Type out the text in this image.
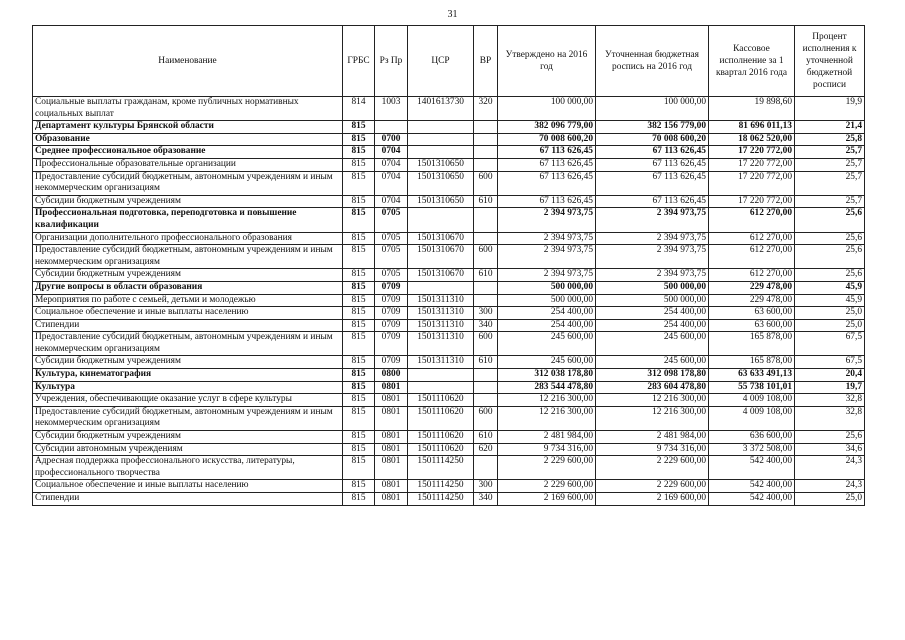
31
Наименование	ГРБС	Рз Пр	ЦСР	ВР	Утверждено на 2016 год	Уточненная бюджетная роспись на 2016 год	Кассовое исполнение за 1 квартал 2016 года	Процент исполнения к уточненной бюджетной росписи
Социальные выплаты гражданам, кроме публичных нормативных социальных выплат	814	1003	1401613730	320	100 000,00	100 000,00	19 898,60	19,9
Департамент культуры Брянской области	815				382 096 779,00	382 156 779,00	81 696 011,13	21,4
Образование	815	0700			70 008 600,20	70 008 600,20	18 062 520,00	25,8
Среднее профессиональное образование	815	0704			67 113 626,45	67 113 626,45	17 220 772,00	25,7
Профессиональные образовательные организации	815	0704	1501310650		67 113 626,45	67 113 626,45	17 220 772,00	25,7
Предоставление субсидий бюджетным, автономным учреждениям и иным некоммерческим организациям	815	0704	1501310650	600	67 113 626,45	67 113 626,45	17 220 772,00	25,7
Субсидии бюджетным учреждениям	815	0704	1501310650	610	67 113 626,45	67 113 626,45	17 220 772,00	25,7
Профессиональная подготовка, переподготовка и повышение квалификации	815	0705			2 394 973,75	2 394 973,75	612 270,00	25,6
Организации дополнительного профессионального образования	815	0705	1501310670		2 394 973,75	2 394 973,75	612 270,00	25,6
Предоставление субсидий бюджетным, автономным учреждениям и иным некоммерческим организациям	815	0705	1501310670	600	2 394 973,75	2 394 973,75	612 270,00	25,6
Субсидии бюджетным учреждениям	815	0705	1501310670	610	2 394 973,75	2 394 973,75	612 270,00	25,6
Другие вопросы в области образования	815	0709			500 000,00	500 000,00	229 478,00	45,9
Мероприятия по работе с семьей, детьми и молодежью	815	0709	1501311310		500 000,00	500 000,00	229 478,00	45,9
Социальное обеспечение и иные выплаты населению	815	0709	1501311310	300	254 400,00	254 400,00	63 600,00	25,0
Стипендии	815	0709	1501311310	340	254 400,00	254 400,00	63 600,00	25,0
Предоставление субсидий бюджетным, автономным учреждениям и иным некоммерческим организациям	815	0709	1501311310	600	245 600,00	245 600,00	165 878,00	67,5
Субсидии бюджетным учреждениям	815	0709	1501311310	610	245 600,00	245 600,00	165 878,00	67,5
Культура, кинематография	815	0800			312 038 178,80	312 098 178,80	63 633 491,13	20,4
Культура	815	0801			283 544 478,80	283 604 478,80	55 738 101,01	19,7
Учреждения, обеспечивающие оказание услуг в сфере культуры	815	0801	1501110620		12 216 300,00	12 216 300,00	4 009 108,00	32,8
Предоставление субсидий бюджетным, автономным учреждениям и иным некоммерческим организациям	815	0801	1501110620	600	12 216 300,00	12 216 300,00	4 009 108,00	32,8
Субсидии бюджетным учреждениям	815	0801	1501110620	610	2 481 984,00	2 481 984,00	636 600,00	25,6
Субсидии автономным учреждениям	815	0801	1501110620	620	9 734 316,00	9 734 316,00	3 372 508,00	34,6
Адресная поддержка профессионального искусства, литературы, профессионального творчества	815	0801	1501114250		2 229 600,00	2 229 600,00	542 400,00	24,3
Социальное обеспечение и иные выплаты населению	815	0801	1501114250	300	2 229 600,00	2 229 600,00	542 400,00	24,3
Стипендии	815	0801	1501114250	340	2 169 600,00	2 169 600,00	542 400,00	25,0
